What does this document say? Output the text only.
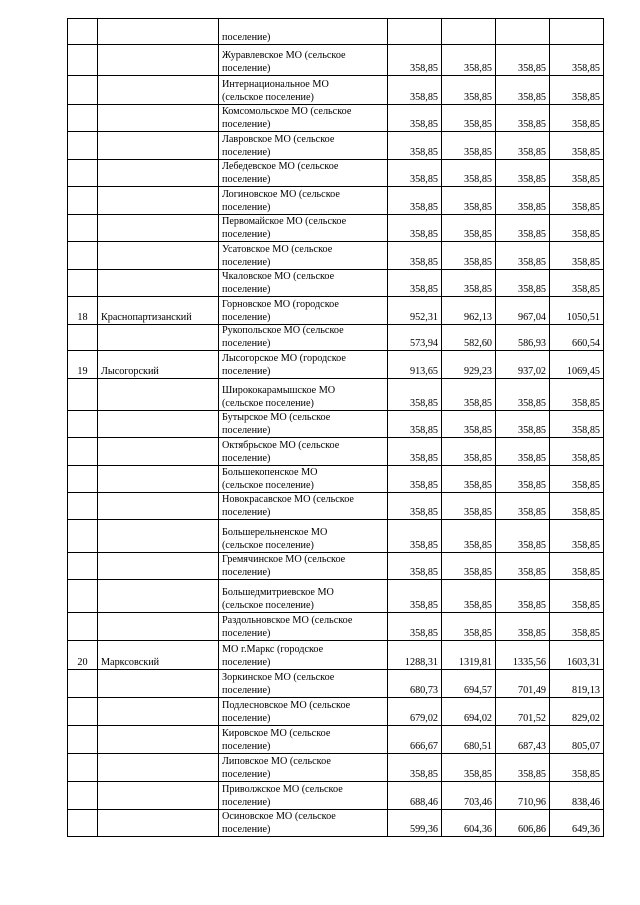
		поселение)				

		Журавлевское МО (сельское
поселение)	358,85	358,85	358,85	358,85

		Интернациональное МО
(сельское поселение)	358,85	358,85	358,85	358,85

		Комсомольское МО (сельское
поселение)	358,85	358,85	358,85	358,85

		Лавровское МО (сельское
поселение)	358,85	358,85	358,85	358,85

		Лебедевское МО (сельское
поселение)	358,85	358,85	358,85	358,85

		Логиновское МО (сельское
поселение)	358,85	358,85	358,85	358,85

		Первомайское МО (сельское
поселение)	358,85	358,85	358,85	358,85

		Усатовское МО (сельское
поселение)	358,85	358,85	358,85	358,85

		Чкаловское МО (сельское
поселение)	358,85	358,85	358,85	358,85
18	Краснопартизанский	Горновское МО (городское
поселение)	952,31	962,13	967,04	1050,51

		Рукопольское МО (сельское
поселение)	573,94	582,60	586,93	660,54
19	Лысогорский	Лысогорское МО (городское
поселение)	913,65	929,23	937,02	1069,45

		Ширококарамышское МО
(сельское поселение)	358,85	358,85	358,85	358,85

		Бутырское МО (сельское
поселение)	358,85	358,85	358,85	358,85

		Октябрьское МО (сельское
поселение)	358,85	358,85	358,85	358,85

		Большекопенское МО
(сельское поселение)	358,85	358,85	358,85	358,85

		Новокрасавское МО (сельское
поселение)	358,85	358,85	358,85	358,85

		Большерельненское МО
(сельское поселение)	358,85	358,85	358,85	358,85

		Гремячинское МО (сельское
поселение)	358,85	358,85	358,85	358,85

		Большедмитриевское МО
(сельское поселение)	358,85	358,85	358,85	358,85

		Раздольновское МО (сельское
поселение)	358,85	358,85	358,85	358,85
20	Марксовский	МО г.Маркс (городское
поселение)	1288,31	1319,81	1335,56	1603,31

		Зоркинское МО (сельское
поселение)	680,73	694,57	701,49	819,13

		Подлесновское МО (сельское
поселение)	679,02	694,02	701,52	829,02

		Кировское МО (сельское
поселение)	666,67	680,51	687,43	805,07

		Липовское МО (сельское
поселение)	358,85	358,85	358,85	358,85

		Приволжское МО (сельское
поселение)	688,46	703,46	710,96	838,46

		Осиновское МО (сельское
поселение)	599,36	604,36	606,86	649,36
